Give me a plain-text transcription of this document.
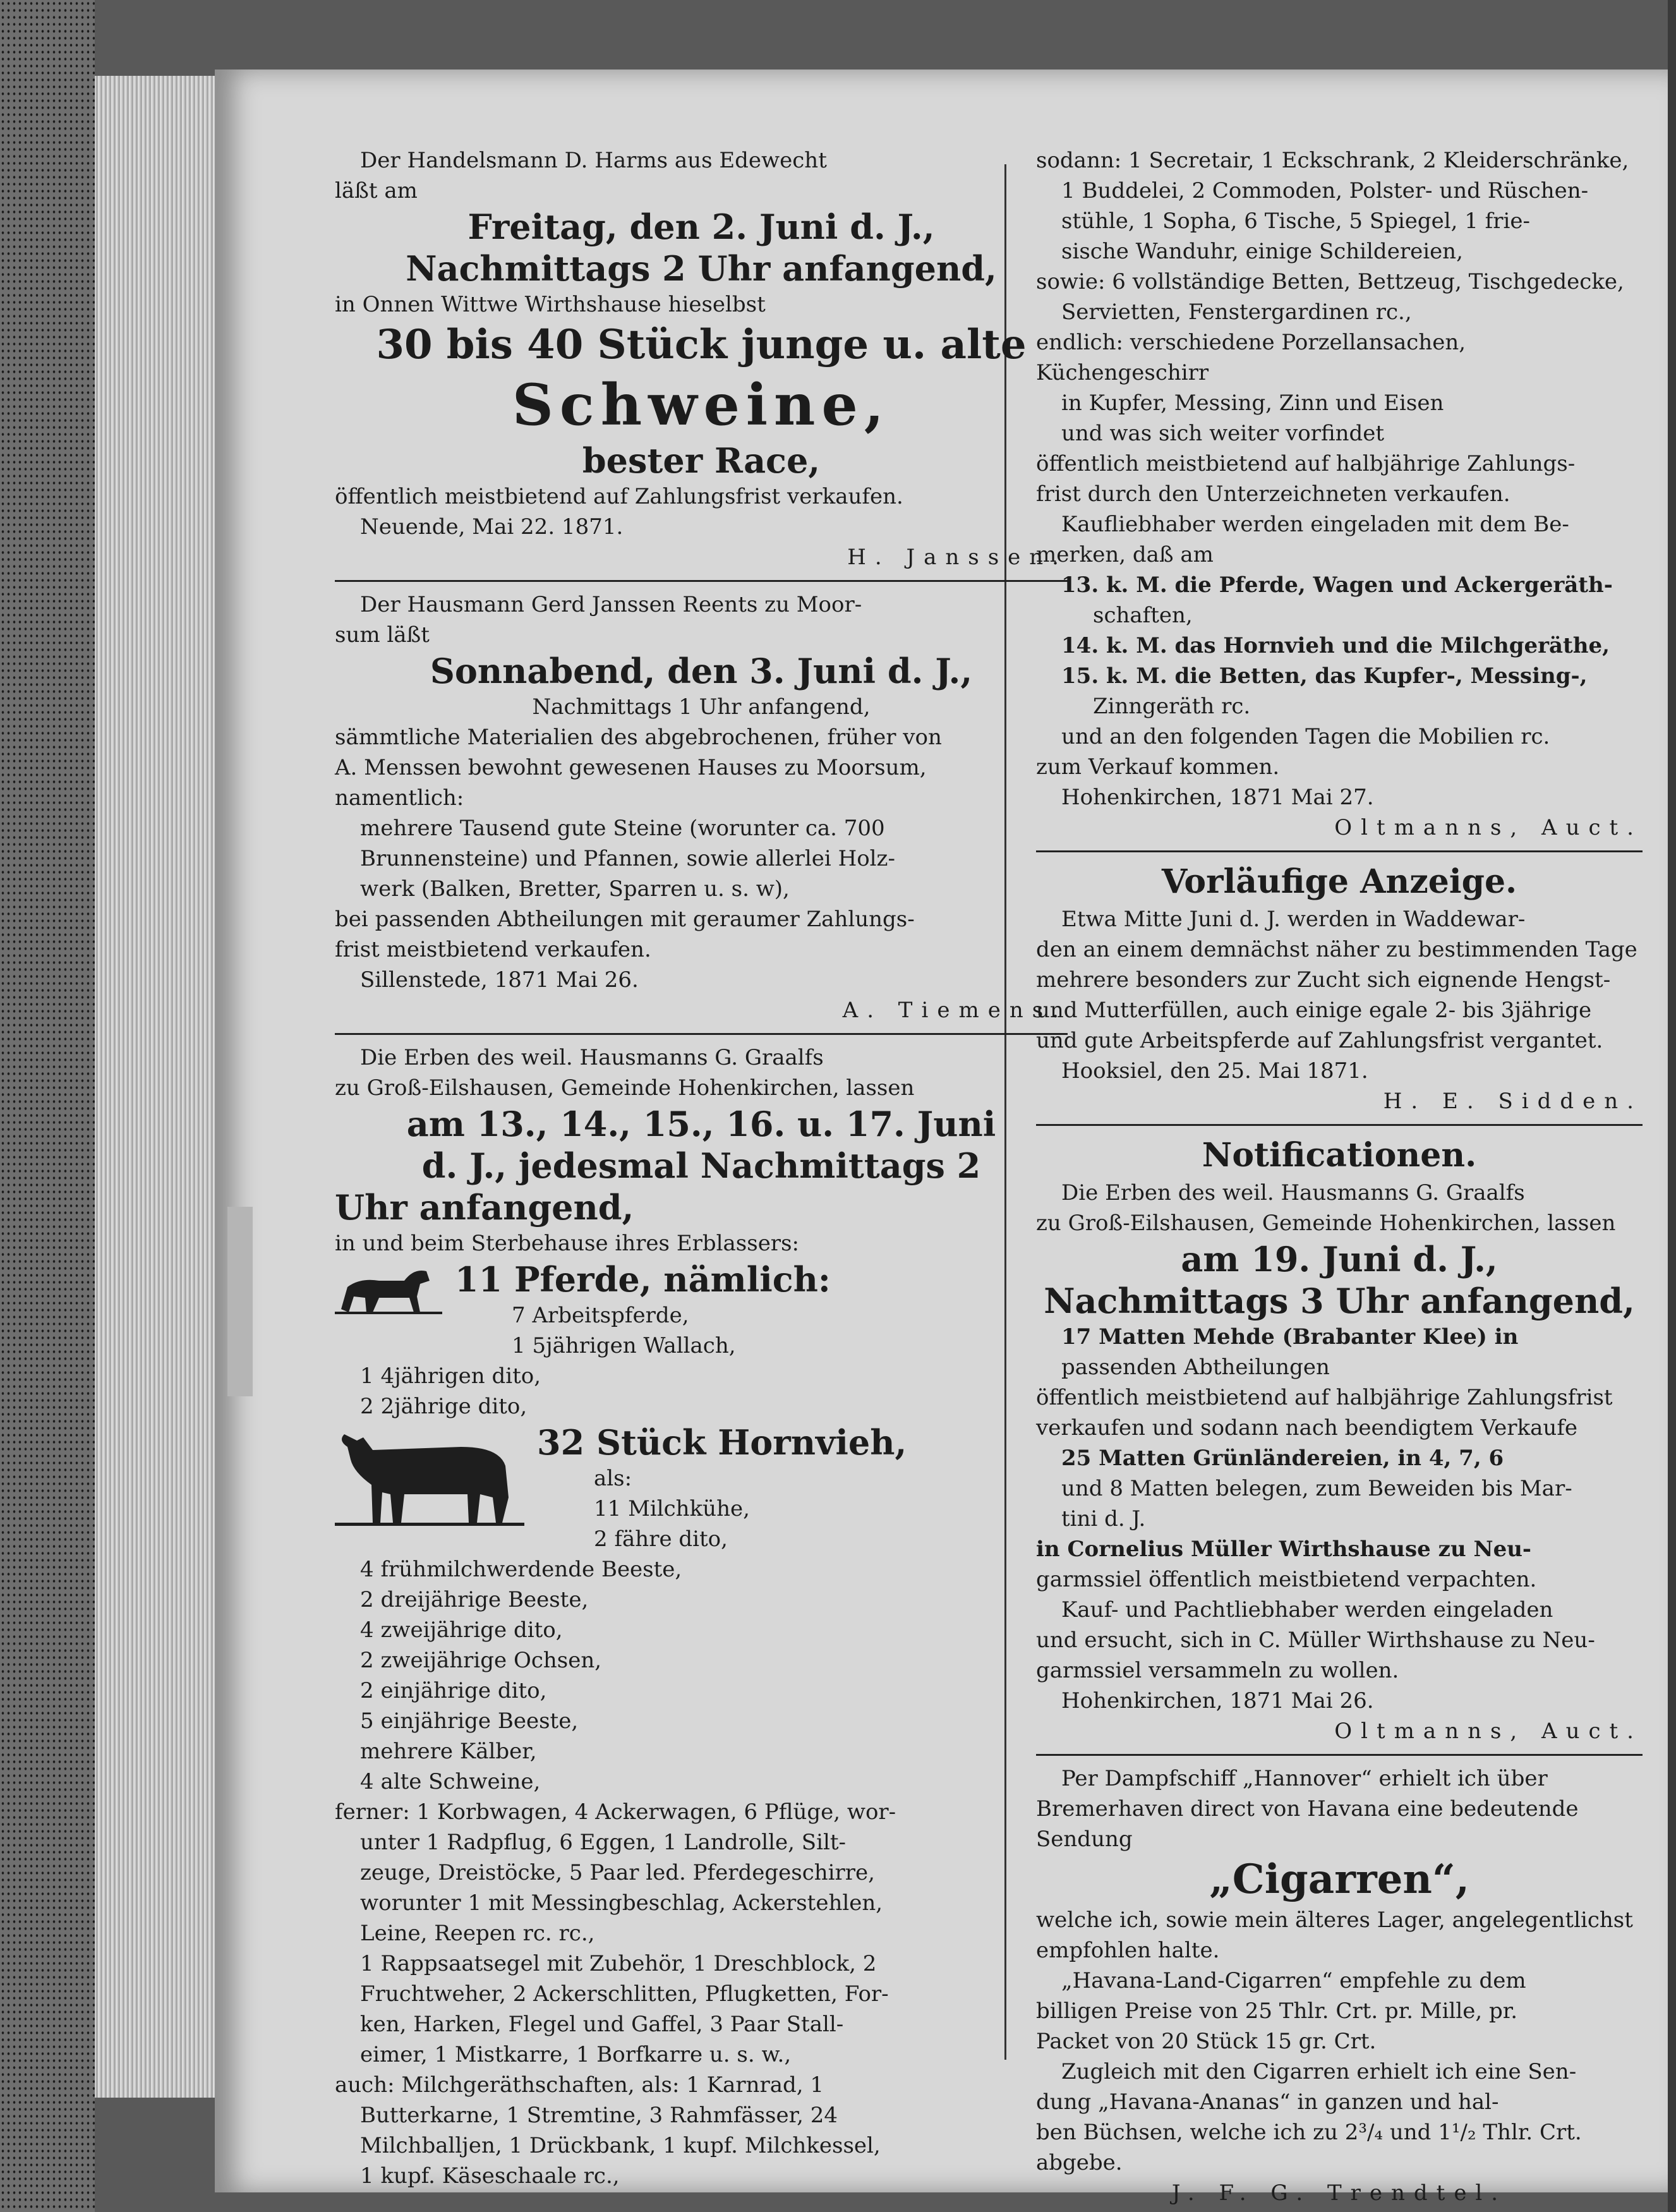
Der Handelsmann D. Harms aus Edewecht

läßt am

Freitag, den 2. Juni d. J.,

Nachmittags 2 Uhr anfangend,

in Onnen Wittwe Wirthshause hieselbst

30 bis 40 Stück junge u. alte

Schweine,

bester Race,

öffentlich meistbietend auf Zahlungsfrist verkaufen.

Neuende, Mai 22. 1871.

H. Janssen.

Der Hausmann Gerd Janssen Reents zu Moor-

sum läßt

Sonnabend, den 3. Juni d. J.,

Nachmittags 1 Uhr anfangend,

sämmtliche Materialien des abgebrochenen, früher von

A. Menssen bewohnt gewesenen Hauses zu Moorsum,

namentlich:

mehrere Tausend gute Steine (worunter ca. 700

Brunnensteine) und Pfannen, sowie allerlei Holz-

werk (Balken, Bretter, Sparren u. s. w),

bei passenden Abtheilungen mit geraumer Zahlungs-

frist meistbietend verkaufen.

Sillenstede, 1871 Mai 26.

A. Tiemens.

Die Erben des weil. Hausmanns G. Graalfs

zu Groß-Eilshausen, Gemeinde Hohenkirchen, lassen

am 13., 14., 15., 16. u. 17. Juni

d. J., jedesmal Nachmittags 2

Uhr anfangend,

in und beim Sterbehause ihres Erblassers:

11 Pferde, nämlich:

7 Arbeitspferde,

1 5jährigen Wallach,

1 4jährigen dito,

2 2jährige dito,

32 Stück Hornvieh,

als:

11 Milchkühe,

2 fähre dito,

4 frühmilchwerdende Beeste,

2 dreijährige Beeste,

4 zweijährige dito,

2 zweijährige Ochsen,

2 einjährige dito,

5 einjährige Beeste,

mehrere Kälber,

4 alte Schweine,

ferner: 1 Korbwagen, 4 Ackerwagen, 6 Pflüge, wor-

unter 1 Radpflug, 6 Eggen, 1 Landrolle, Silt-

zeuge, Dreistöcke, 5 Paar led. Pferdegeschirre,

worunter 1 mit Messingbeschlag, Ackerstehlen,

Leine, Reepen rc. rc.,

1 Rappsaatsegel mit Zubehör, 1 Dreschblock, 2

Fruchtweher, 2 Ackerschlitten, Pflugketten, For-

ken, Harken, Flegel und Gaffel, 3 Paar Stall-

eimer, 1 Mistkarre, 1 Borfkarre u. s. w.,

auch: Milchgeräthschaften, als: 1 Karnrad, 1

Butterkarne, 1 Stremtine, 3 Rahmfässer, 24

Milchballjen, 1 Drückbank, 1 kupf. Milchkessel,

1 kupf. Käseschaale rc.,

sodann: 1 Secretair, 1 Eckschrank, 2 Kleiderschränke,

1 Buddelei, 2 Commoden, Polster- und Rüschen-

stühle, 1 Sopha, 6 Tische, 5 Spiegel, 1 frie-

sische Wanduhr, einige Schildereien,

sowie: 6 vollständige Betten, Bettzeug, Tischgedecke,

Servietten, Fenstergardinen rc.,

endlich: verschiedene Porzellansachen, Küchengeschirr

in Kupfer, Messing, Zinn und Eisen

und was sich weiter vorfindet

öffentlich meistbietend auf halbjährige Zahlungs-

frist durch den Unterzeichneten verkaufen.

Kaufliebhaber werden eingeladen mit dem Be-

merken, daß am

13. k. M. die Pferde, Wagen und Ackergeräth-

schaften,

14. k. M. das Hornvieh und die Milchgeräthe,

15. k. M. die Betten, das Kupfer-, Messing-,

Zinngeräth rc.

und an den folgenden Tagen die Mobilien rc.

zum Verkauf kommen.

Hohenkirchen, 1871 Mai 27.

Oltmanns, Auct.

Vorläufige Anzeige.

Etwa Mitte Juni d. J. werden in Waddewar-

den an einem demnächst näher zu bestimmenden Tage

mehrere besonders zur Zucht sich eignende Hengst-

und Mutterfüllen, auch einige egale 2- bis 3jährige

und gute Arbeitspferde auf Zahlungsfrist vergantet.

Hooksiel, den 25. Mai 1871.

H. E. Sidden.

Notificationen.

Die Erben des weil. Hausmanns G. Graalfs

zu Groß-Eilshausen, Gemeinde Hohenkirchen, lassen

am 19. Juni d. J.,

Nachmittags 3 Uhr anfangend,

17 Matten Mehde (Brabanter Klee) in

passenden Abtheilungen

öffentlich meistbietend auf halbjährige Zahlungsfrist

verkaufen und sodann nach beendigtem Verkaufe

25 Matten Grünländereien, in 4, 7, 6

und 8 Matten belegen, zum Beweiden bis Mar-

tini d. J.

in Cornelius Müller Wirthshause zu Neu-

garmssiel öffentlich meistbietend verpachten.

Kauf- und Pachtliebhaber werden eingeladen

und ersucht, sich in C. Müller Wirthshause zu Neu-

garmssiel versammeln zu wollen.

Hohenkirchen, 1871 Mai 26.

Oltmanns, Auct.

Per Dampfschiff „Hannover“ erhielt ich über

Bremerhaven direct von Havana eine bedeutende

Sendung

„Cigarren“,

welche ich, sowie mein älteres Lager, angelegentlichst

empfohlen halte.

„Havana-Land-Cigarren“ empfehle zu dem

billigen Preise von 25 Thlr. Crt. pr. Mille, pr.

Packet von 20 Stück 15 gr. Crt.

Zugleich mit den Cigarren erhielt ich eine Sen-

dung „Havana-Ananas“ in ganzen und hal-

ben Büchsen, welche ich zu 2³/₄ und 1¹/₂ Thlr. Crt.

abgebe.

J. F. G. Trendtel.
